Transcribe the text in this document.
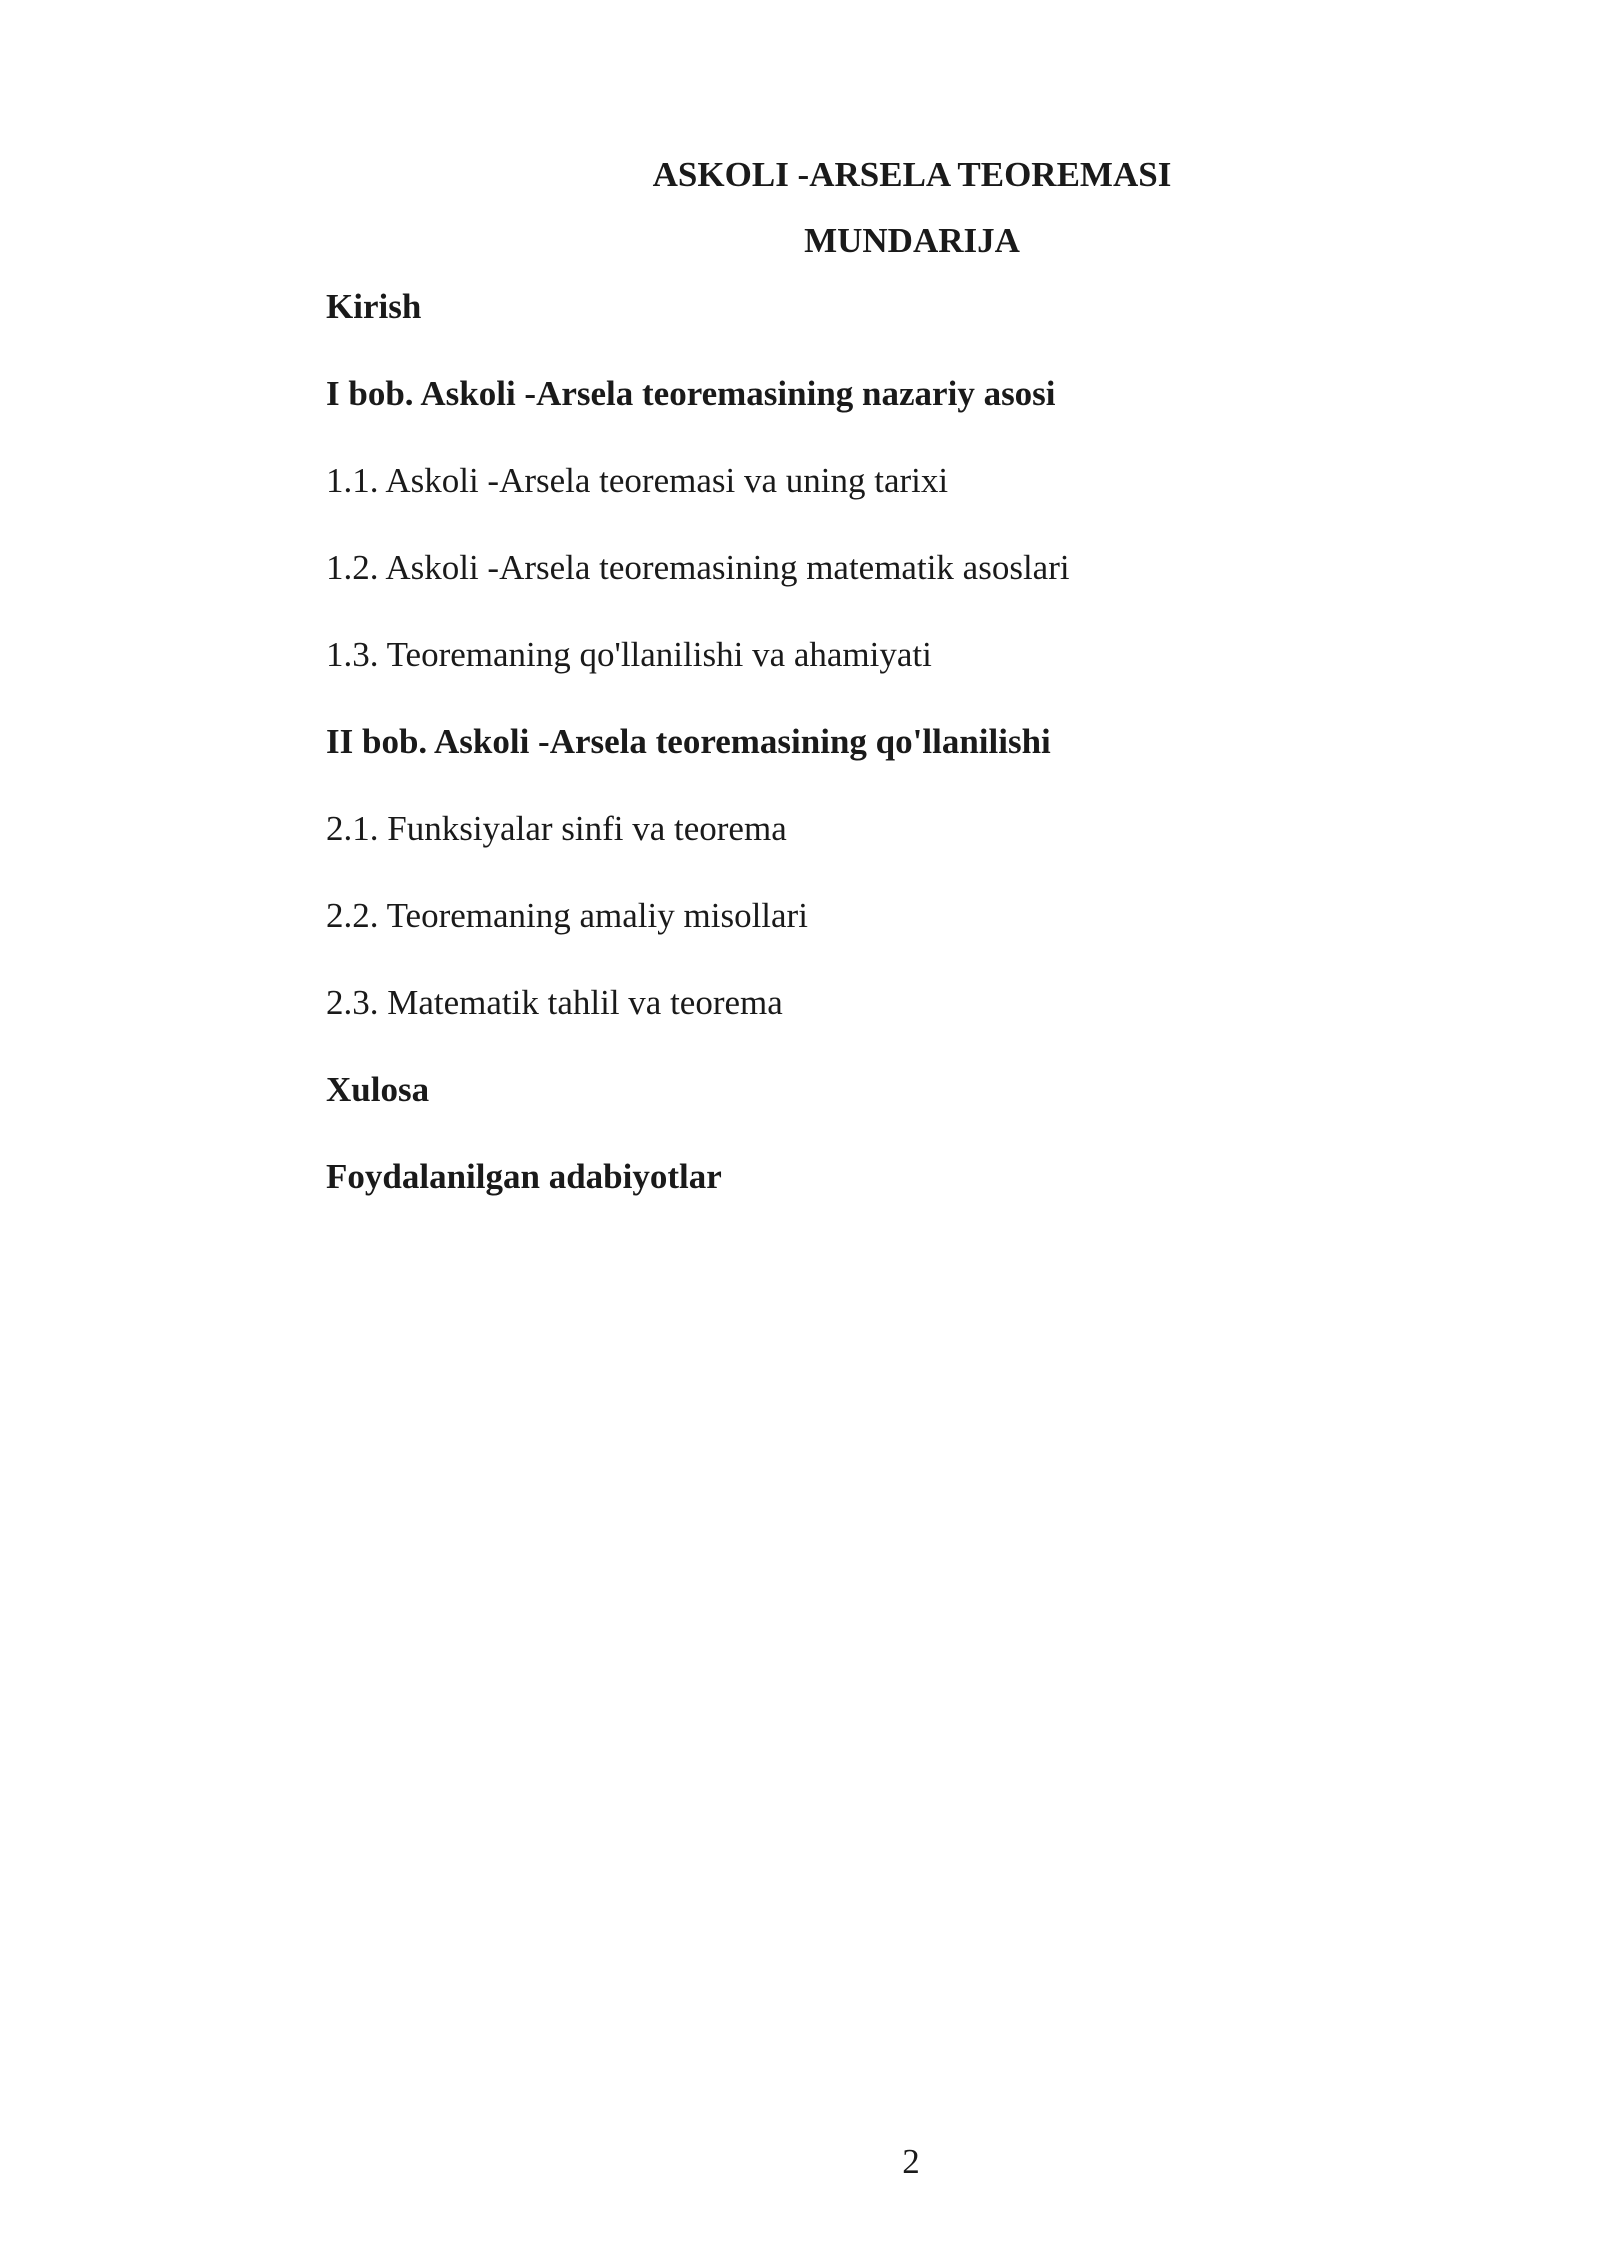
ASKOLI -ARSELA TEOREMASI
MUNDARIJA
Kirish
I bob. Askoli -Arsela teoremasining nazariy asosi
1.1. Askoli -Arsela teoremasi va uning tarixi
1.2. Askoli -Arsela teoremasining matematik asoslari
1.3. Teoremaning qo'llanilishi va ahamiyati
II bob. Askoli -Arsela teoremasining qo'llanilishi
2.1. Funksiyalar sinfi va teorema
2.2. Teoremaning amaliy misollari
2.3. Matematik tahlil va teorema
Xulosa
Foydalanilgan adabiyotlar
2
